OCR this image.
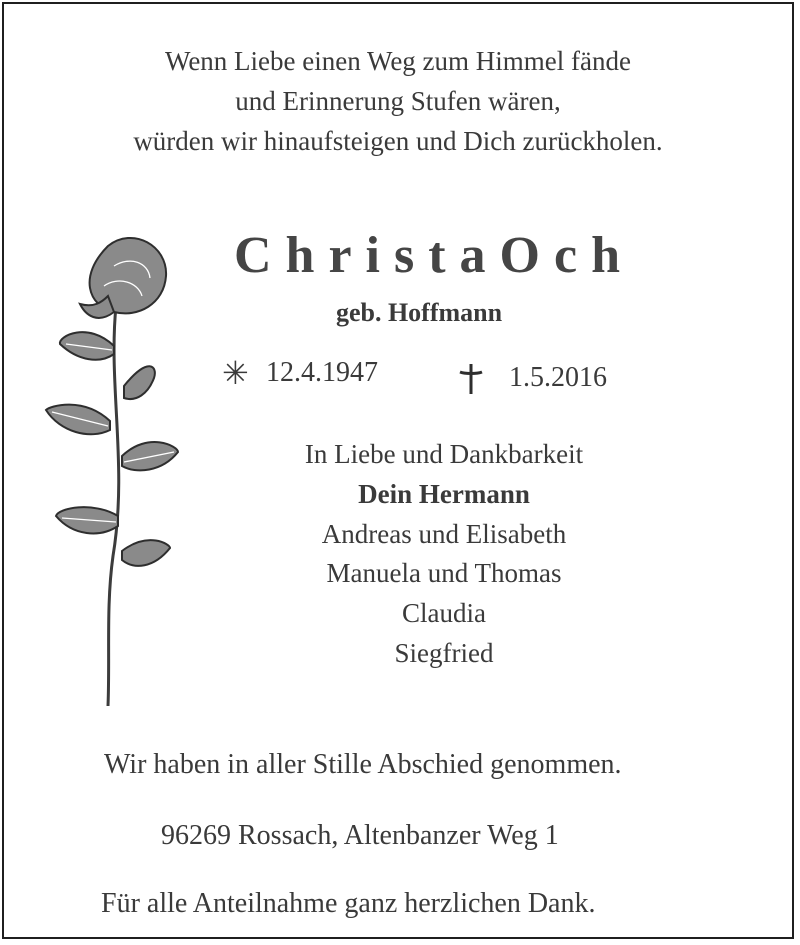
Wenn Liebe einen Weg zum Himmel fände
und Erinnerung Stufen wären,
würden wir hinaufsteigen und Dich zurückholen.
ChristaOch
geb. Hoffmann
✳ 12.4.1947	1.5.2016
In Liebe und Dankbarkeit
Dein Hermann
Andreas und Elisabeth
Manuela und Thomas
Claudia
Siegfried
Wir haben in aller Stille Abschied genommen.
96269 Rossach, Altenbanzer Weg 1
Für alle Anteilnahme ganz herzlichen Dank.
